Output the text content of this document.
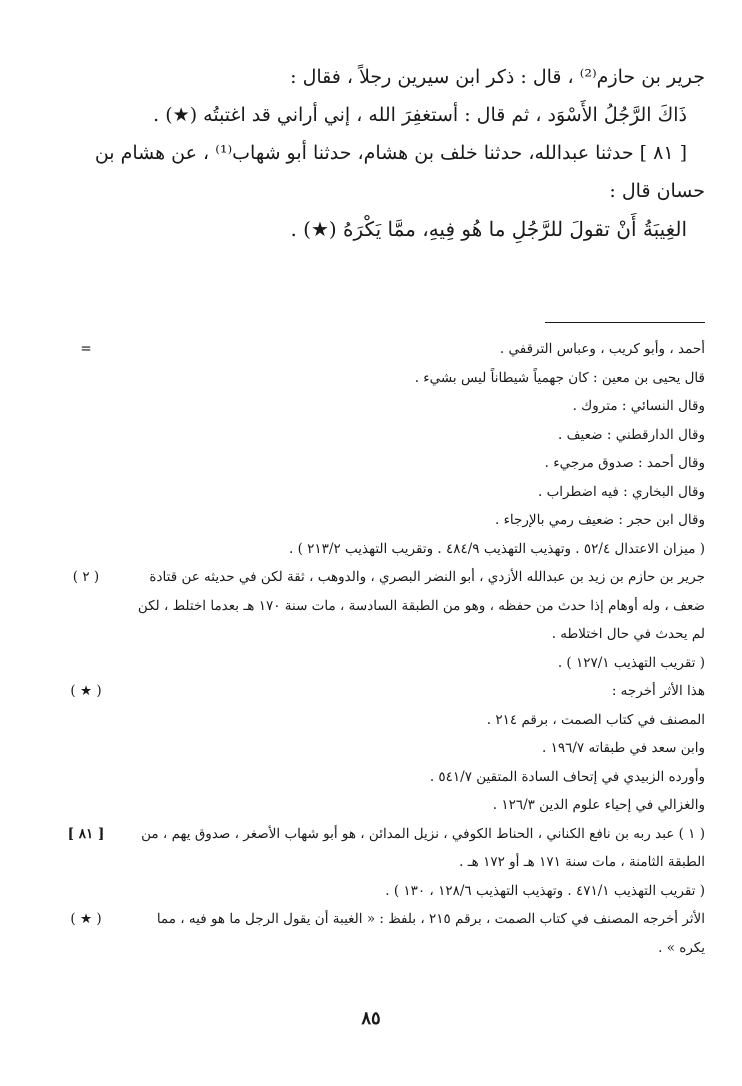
جرير بن حازم⁽²⁾ ، قال : ذكر ابن سيرين رجلاً ، فقال :

ذَاكَ الرَّجُلُ الأَسْوَد ، ثم قال : أستغفِرَ الله ، إني أراني قد اغتبتُه (★) .

[ ٨١ ] حدثنا عبدالله، حدثنا خلف بن هشام، حدثنا أبو شهاب⁽¹⁾ ، عن هشام بن

حسان قال :

الغِيبَةُ أَنْ تقولَ للرَّجُلِ ما هُو فِيهِ، ممَّا يَكْرَهُ (★) .

أحمد ، وأبو كريب ، وعباس الترقفي .
قال يحيى بن معين : كان جهمياً شيطاناً ليس بشيء .
وقال النسائي : متروك .
وقال الدارقطني : ضعيف .
وقال أحمد : صدوق مرجيء .
وقال البخاري : فيه اضطراب .
وقال ابن حجر : ضعيف رمي بالإرجاء .
( ميزان الاعتدال ٥٢/٤ . وتهذيب التهذيب ٤٨٤/٩ . وتقريب التهذيب ٢١٣/٢ ) .
=
جرير بن حازم بن زيد بن عبدالله الأزدي ، أبو النضر البصري ، والدوهب ، ثقة لكن في حديثه عن قتادة
ضعف ، وله أوهام إذا حدث من حفظه ، وهو من الطبقة السادسة ، مات سنة ١٧٠ هـ بعدما اختلط ، لكن
لم يحدث في حال اختلاطه .
( تقريب التهذيب ١٢٧/١ ) .
( ٢ )
هذا الأثر أخرجه :
المصنف في كتاب الصمت ، برقم ٢١٤ .
وابن سعد في طبقاته ١٩٦/٧ .
وأورده الزبيدي في إتحاف السادة المتقين ٥٤١/٧ .
والغزالي في إحياء علوم الدين ١٢٦/٣ .
( ★ )
( ١ ) عبد ربه بن نافع الكناني ، الحناط الكوفي ، نزيل المدائن ، هو أبو شهاب الأصغر ، صدوق يهم ، من
الطبقة الثامنة ، مات سنة ١٧١ هـ أو ١٧٢ هـ .
( تقريب التهذيب ٤٧١/١ . وتهذيب التهذيب ١٢٨/٦ ، ١٣٠ ) .
[ ٨١ ]
الأثر أخرجه المصنف في كتاب الصمت ، برقم ٢١٥ ، بلفظ : « الغيبة أن يقول الرجل ما هو فيه ، مما
يكره » .
( ★ )
٨٥
